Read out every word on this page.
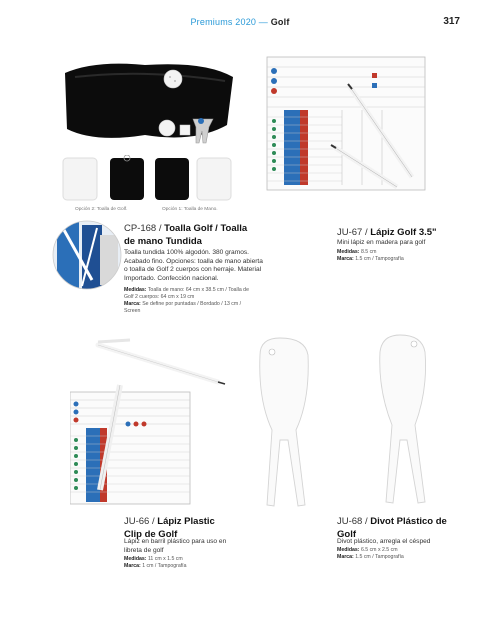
Premiums 2020 — Golf	317
Opción 2: Toalla de Golf.	Opción 1: Toalla de Mano.
CP-168 / Toalla Golf / Toalla de mano Tundida
Toalla tundida 100% algodón. 380 gramos. Acabado fino. Opciones: toalla de mano abierta o toalla de Golf 2 cuerpos con herraje. Material Importado. Confección nacional.
Medidas: Toalla de mano: 64 cm x 38.5 cm / Toalla de Golf 2 cuerpos: 64 cm x 19 cm
Marca: Se define por puntadas / Bordado / 13 cm / Screen
JU-67 / Lápiz Golf 3.5"
Mini lápiz en madera para golf
Medidas: 8.5 cm
Marca: 1.5 cm / Tampografía
JU-66 / Lápiz Plastic Clip de Golf
Lápiz en barril plástico para uso en libreta de golf
Medidas: 11 cm x 1.5 cm
Marca: 1 cm / Tampografía
JU-68 / Divot Plástico de Golf
Divot plástico, arregla el césped
Medidas: 6.5 cm x 2.5 cm
Marca: 1.5 cm / Tampografía
